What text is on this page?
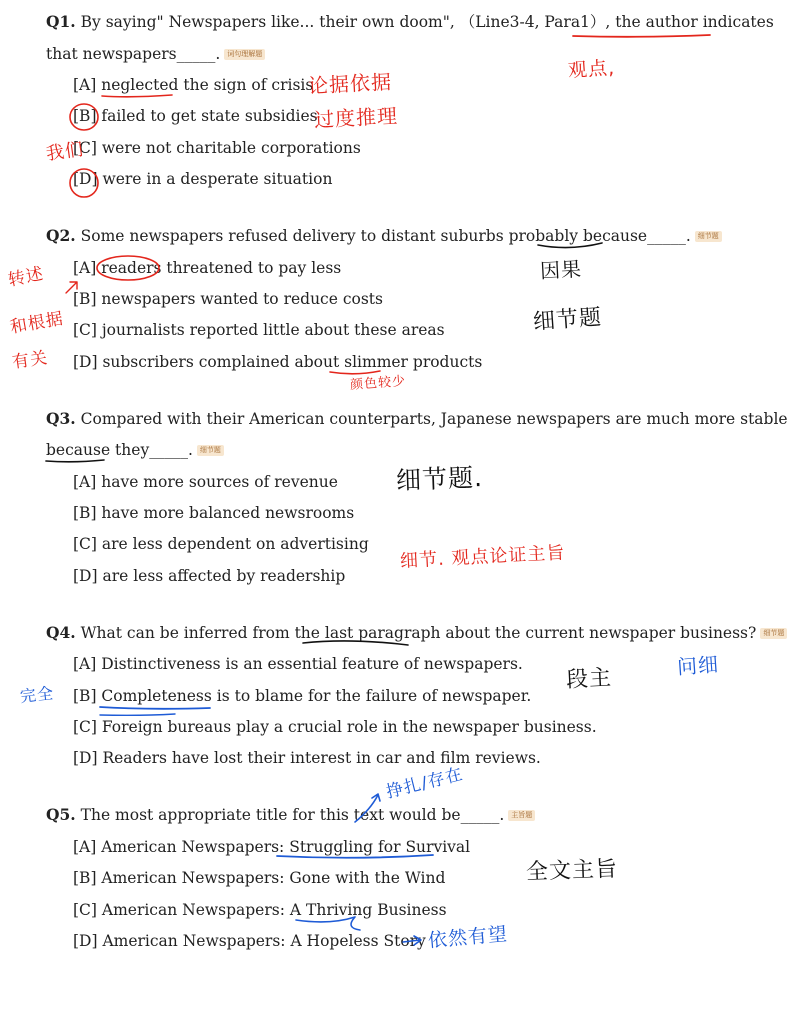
Q1. By saying" Newspapers like... their own doom", （Line3-4, Para1）, the author indicates
that newspapers_____. 词句理解题
[A] neglected the sign of crisis
[B] failed to get state subsidies
[C] were not charitable corporations
[D] were in a desperate situation
Q2. Some newspapers refused delivery to distant suburbs probably because_____. 细节题
[A] readers threatened to pay less
[B] newspapers wanted to reduce costs
[C] journalists reported little about these areas
[D] subscribers complained about slimmer products
Q3. Compared with their American counterparts, Japanese newspapers are much more stable
because they_____. 细节题
[A] have more sources of revenue
[B] have more balanced newsrooms
[C] are less dependent on advertising
[D] are less affected by readership
Q4. What can be inferred from the last paragraph about the current newspaper business? 细节题
[A] Distinctiveness is an essential feature of newspapers.
[B] Completeness is to blame for the failure of newspaper.
[C] Foreign bureaus play a crucial role in the newspaper business.
[D] Readers have lost their interest in car and film reviews.
Q5. The most appropriate title for this text would be_____. 主旨题
[A] American Newspapers: Struggling for Survival
[B] American Newspapers: Gone with the Wind
[C] American Newspapers: A Thriving Business
[D] American Newspapers: A Hopeless Story
观点,
论据依据
过度推理
我们
因果
细节题
转述
和根据
有关
颜色较少
细节题.
细节. 观点论证主旨
段主
问细
完全
挣扎/存在
全文主旨
依然有望
